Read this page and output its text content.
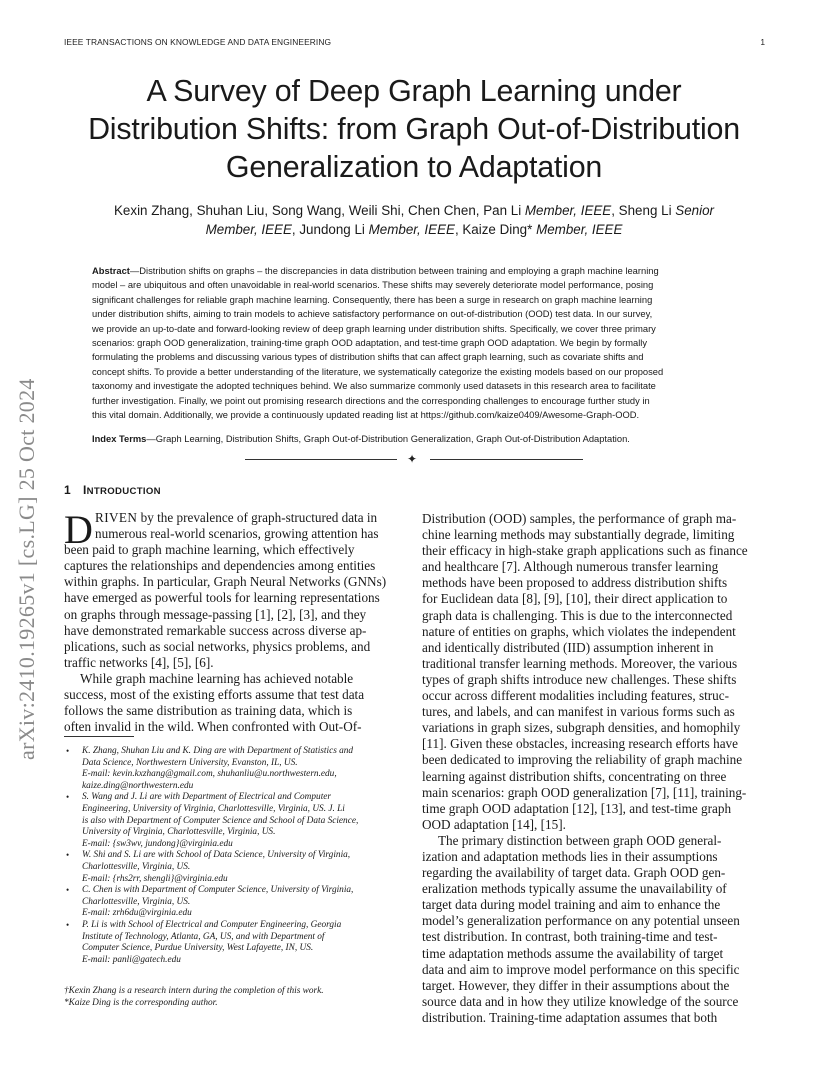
IEEE TRANSACTIONS ON KNOWLEDGE AND DATA ENGINEERING	1
arXiv:2410.19265v1 [cs.LG] 25 Oct 2024
A Survey of Deep Graph Learning under
Distribution Shifts: from Graph Out-of-Distribution
Generalization to Adaptation
Kexin Zhang, Shuhan Liu, Song Wang, Weili Shi, Chen Chen, Pan Li Member, IEEE, Sheng Li Senior
Member, IEEE, Jundong Li Member, IEEE, Kaize Ding* Member, IEEE
Abstract—Distribution shifts on graphs – the discrepancies in data distribution between training and employing a graph machine learning
model – are ubiquitous and often unavoidable in real-world scenarios. These shifts may severely deteriorate model performance, posing
significant challenges for reliable graph machine learning. Consequently, there has been a surge in research on graph machine learning
under distribution shifts, aiming to train models to achieve satisfactory performance on out-of-distribution (OOD) test data. In our survey,
we provide an up-to-date and forward-looking review of deep graph learning under distribution shifts. Specifically, we cover three primary
scenarios: graph OOD generalization, training-time graph OOD adaptation, and test-time graph OOD adaptation. We begin by formally
formulating the problems and discussing various types of distribution shifts that can affect graph learning, such as covariate shifts and
concept shifts. To provide a better understanding of the literature, we systematically categorize the existing models based on our proposed
taxonomy and investigate the adopted techniques behind. We also summarize commonly used datasets in this research area to facilitate
further investigation. Finally, we point out promising research directions and the corresponding challenges to encourage further study in
this vital domain. Additionally, we provide a continuously updated reading list at https://github.com/kaize0409/Awesome-Graph-OOD.
Index Terms—Graph Learning, Distribution Shifts, Graph Out-of-Distribution Generalization, Graph Out-of-Distribution Adaptation.
✦
1 INTRODUCTION
D RIVEN by the prevalence of graph-structured data in
numerous real-world scenarios, growing attention has
been paid to graph machine learning, which effectively
captures the relationships and dependencies among entities
within graphs. In particular, Graph Neural Networks (GNNs)
have emerged as powerful tools for learning representations
on graphs through message-passing [1], [2], [3], and they
have demonstrated remarkable success across diverse ap-
plications, such as social networks, physics problems, and
traffic networks [4], [5], [6].
While graph machine learning has achieved notable
success, most of the existing efforts assume that test data
follows the same distribution as training data, which is
often invalid in the wild. When confronted with Out-Of-
• K. Zhang, Shuhan Liu and K. Ding are with Department of Statistics and
Data Science, Northwestern University, Evanston, IL, US.
E-mail: kevin.kxzhang@gmail.com, shuhanliu@u.northwestern.edu,
kaize.ding@northwestern.edu
• S. Wang and J. Li are with Department of Electrical and Computer
Engineering, University of Virginia, Charlottesville, Virginia, US. J. Li
is also with Department of Computer Science and School of Data Science,
University of Virginia, Charlottesville, Virginia, US.
E-mail: {sw3wv, jundong}@virginia.edu
• W. Shi and S. Li are with School of Data Science, University of Virginia,
Charlottesville, Virginia, US.
E-mail: {rhs2rr, shengli}@virginia.edu
• C. Chen is with Department of Computer Science, University of Virginia,
Charlottesville, Virginia, US.
E-mail: zrh6du@virginia.edu
• P. Li is with School of Electrical and Computer Engineering, Georgia
Institute of Technology, Atlanta, GA, US, and with Department of
Computer Science, Purdue University, West Lafayette, IN, US.
E-mail: panli@gatech.edu
†Kexin Zhang is a research intern during the completion of this work.
*Kaize Ding is the corresponding author.
Distribution (OOD) samples, the performance of graph ma-
chine learning methods may substantially degrade, limiting
their efficacy in high-stake graph applications such as finance
and healthcare [7]. Although numerous transfer learning
methods have been proposed to address distribution shifts
for Euclidean data [8], [9], [10], their direct application to
graph data is challenging. This is due to the interconnected
nature of entities on graphs, which violates the independent
and identically distributed (IID) assumption inherent in
traditional transfer learning methods. Moreover, the various
types of graph shifts introduce new challenges. These shifts
occur across different modalities including features, struc-
tures, and labels, and can manifest in various forms such as
variations in graph sizes, subgraph densities, and homophily
[11]. Given these obstacles, increasing research efforts have
been dedicated to improving the reliability of graph machine
learning against distribution shifts, concentrating on three
main scenarios: graph OOD generalization [7], [11], training-
time graph OOD adaptation [12], [13], and test-time graph
OOD adaptation [14], [15].
The primary distinction between graph OOD general-
ization and adaptation methods lies in their assumptions
regarding the availability of target data. Graph OOD gen-
eralization methods typically assume the unavailability of
target data during model training and aim to enhance the
model’s generalization performance on any potential unseen
test distribution. In contrast, both training-time and test-
time adaptation methods assume the availability of target
data and aim to improve model performance on this specific
target. However, they differ in their assumptions about the
source data and in how they utilize knowledge of the source
distribution. Training-time adaptation assumes that both
